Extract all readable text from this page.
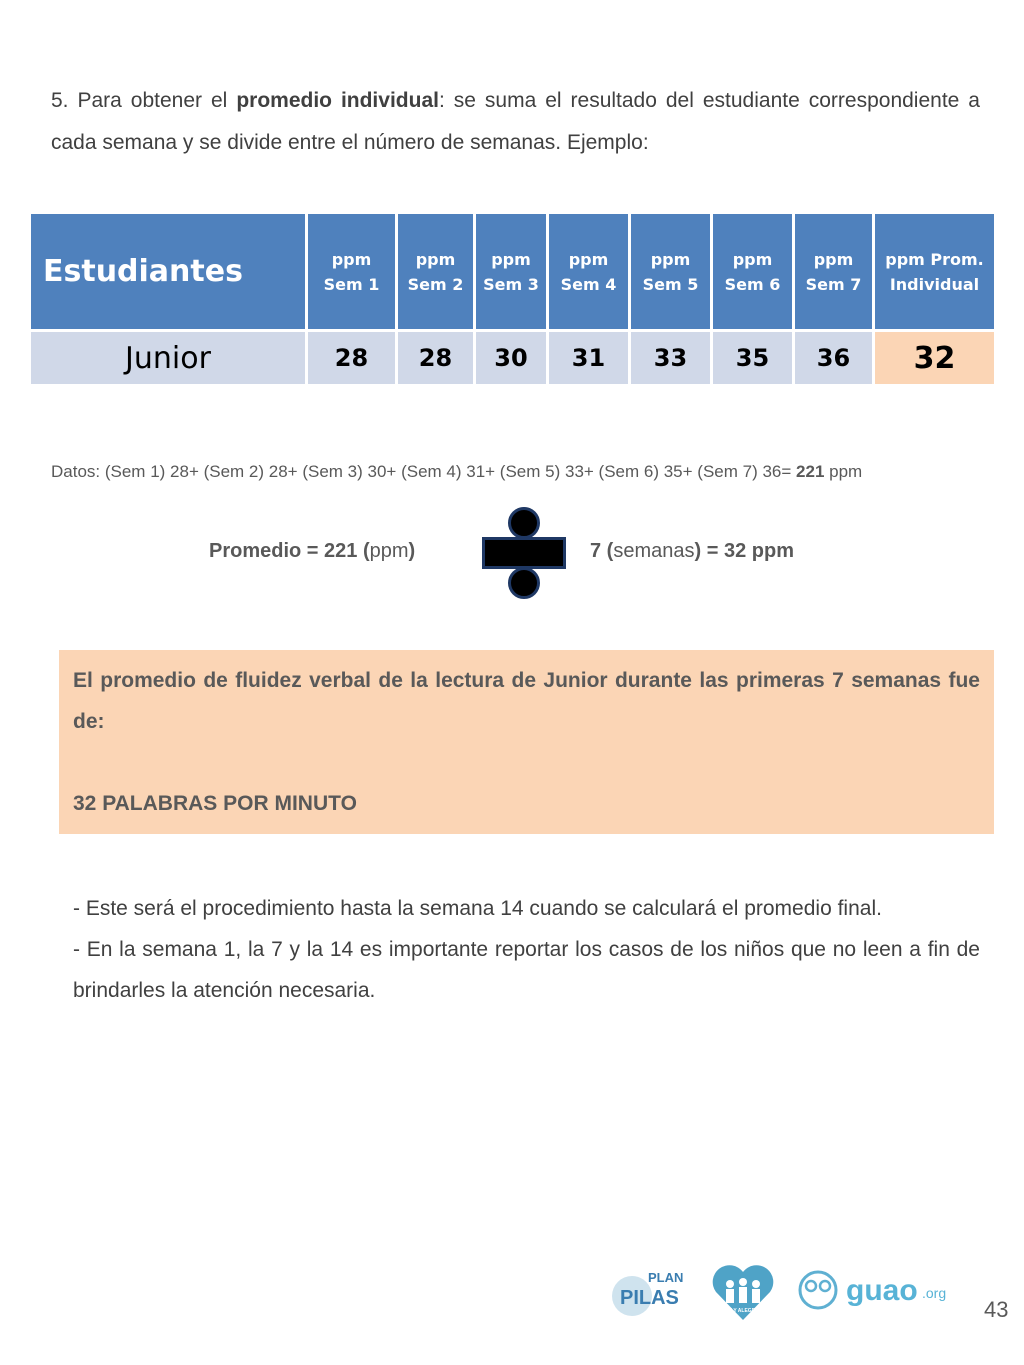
5. Para obtener el promedio individual: se suma el resultado del estudiante correspondiente a cada semana y se divide entre el número de semanas. Ejemplo:
Estudiantes	ppm Sem 1	ppm Sem 2	ppm Sem 3	ppm Sem 4	ppm Sem 5	ppm Sem 6	ppm Sem 7	ppm Prom. Individual
Junior	28	28	30	31	33	35	36	32
Datos: (Sem 1) 28+ (Sem 2) 28+ (Sem 3) 30+ (Sem 4) 31+ (Sem 5) 33+ (Sem 6) 35+ (Sem 7) 36= 221 ppm
Promedio = 221 (ppm)	7 (semanas) = 32 ppm
El promedio de fluidez verbal de la lectura de Junior durante las primeras 7 semanas fue de:
32 PALABRAS POR MINUTO
- Este será el procedimiento hasta la semana 14 cuando se calculará el promedio final.
- En la semana 1, la 7 y la 14 es importante reportar los casos de los niños que no leen a fin de brindarles la atención necesaria.
PLAN
PILAS
FE Y ALEGRIA
guao .org
43
